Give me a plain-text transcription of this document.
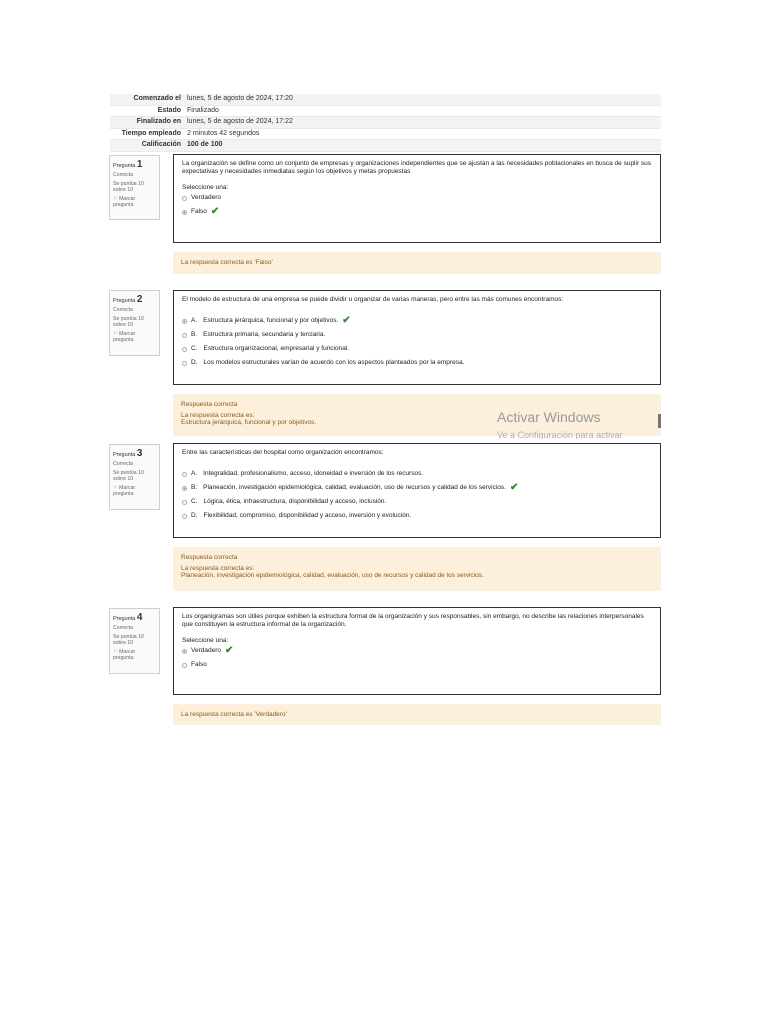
Comenzado el lunes, 5 de agosto de 2024, 17:20
Estado Finalizado
Finalizado en lunes, 5 de agosto de 2024, 17:22
Tiempo empleado 2 minutos 42 segundos
Calificación 100 de 100
Pregunta 1
Correcta
Se puntúa 10 sobre 10
⚐ Marcar pregunta
La organización se define como un conjunto de empresas y organizaciones independientes que se ajustan a las necesidades poblacionales en busca de suplir sus expectativas y necesidades inmediatas según los objetivos y metas propuestas
Seleccione una:
Verdadero
Falso ✔
La respuesta correcta es 'Falso'
Pregunta 2
Correcta
Se puntúa 10 sobre 10
⚐ Marcar pregunta
El modelo de estructura de una empresa se puede dividir u organizar de varias maneras, pero entre las más comunes encontramos:
A. Estructura jerárquica, funcional y por objetivos. ✔
B. Estructura primaria, secundaria y terciaria.
C. Estructura organizacional, empresarial y funcional.
D. Los modelos estructurales varían de acuerdo con los aspectos planteados por la empresa.
Respuesta correcta
La respuesta correcta es:
Estructura jerárquica, funcional y por objetivos.	Activar Windows
Ve a Configuración para activar
Pregunta 3
Correcta
Se puntúa 10 sobre 10
⚐ Marcar pregunta
Entre las características del hospital como organización encontramos:
A. Integralidad, profesionalismo, acceso, idoneidad e inversión de los recursos.
B. Planeación, investigación epidemiológica, calidad, evaluación, uso de recursos y calidad de los servicios. ✔
C. Lógica, ética, infraestructura, disponibilidad y acceso, inclusión.
D. Flexibilidad, compromiso, disponibilidad y acceso, inversión y evolución.
Respuesta correcta
La respuesta correcta es:
Planeación, investigación epidemiológica, calidad, evaluación, uso de recursos y calidad de los servicios.
Pregunta 4
Correcta
Se puntúa 10 sobre 10
⚐ Marcar pregunta
Los organigramas son útiles porque exhiben la estructura formal de la organización y sus responsables, sin embargo, no describe las relaciones interpersonales que constituyen la estructura informal de la organización.
Seleccione una:
Verdadero ✔
Falso
La respuesta correcta es 'Verdadero'
